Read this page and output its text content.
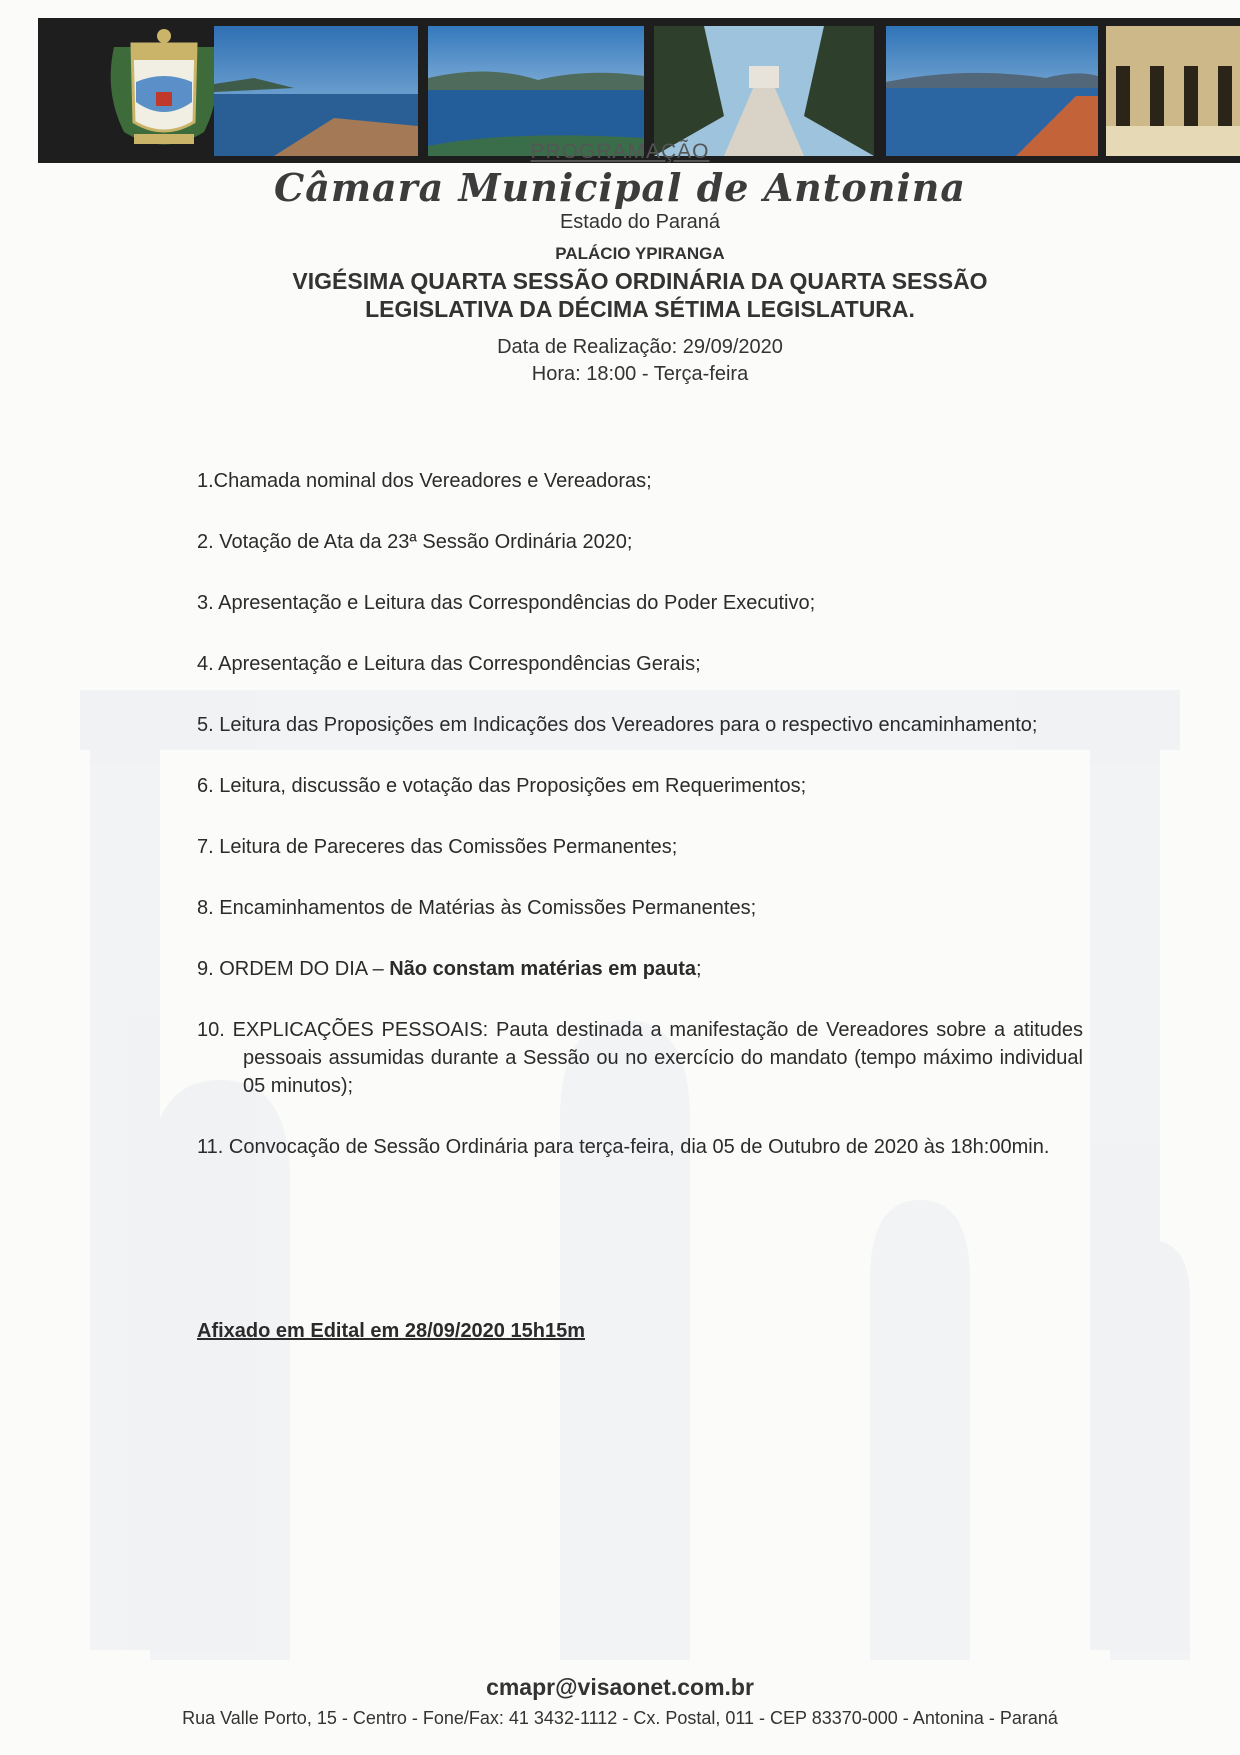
PROGRAMAÇÃO
Câmara Municipal de Antonina
Estado do Paraná
PALÁCIO YPIRANGA
VIGÉSIMA QUARTA SESSÃO ORDINÁRIA DA QUARTA SESSÃO
LEGISLATIVA DA DÉCIMA SÉTIMA LEGISLATURA.
Data de Realização: 29/09/2020
Hora: 18:00 - Terça-feira
1.Chamada nominal dos Vereadores e Vereadoras;
2. Votação de Ata da 23ª Sessão Ordinária 2020;
3. Apresentação e Leitura das Correspondências do Poder Executivo;
4. Apresentação e Leitura das Correspondências Gerais;
5. Leitura das Proposições em Indicações dos Vereadores para o respectivo encaminhamento;
6. Leitura, discussão e votação das Proposições em Requerimentos;
7. Leitura de Pareceres das Comissões Permanentes;
8. Encaminhamentos de Matérias às Comissões Permanentes;
9. ORDEM DO DIA – Não constam matérias em pauta;
10. EXPLICAÇÕES PESSOAIS: Pauta destinada a manifestação de Vereadores sobre a atitudes pessoais assumidas durante a Sessão ou no exercício do mandato (tempo máximo individual 05 minutos);
11. Convocação de Sessão Ordinária para terça-feira, dia 05 de Outubro de 2020 às 18h:00min.
Afixado em Edital em 28/09/2020 15h15m
cmapr@visaonet.com.br
Rua Valle Porto, 15 - Centro - Fone/Fax: 41 3432-1112 - Cx. Postal, 011 - CEP 83370-000 - Antonina - Paraná
